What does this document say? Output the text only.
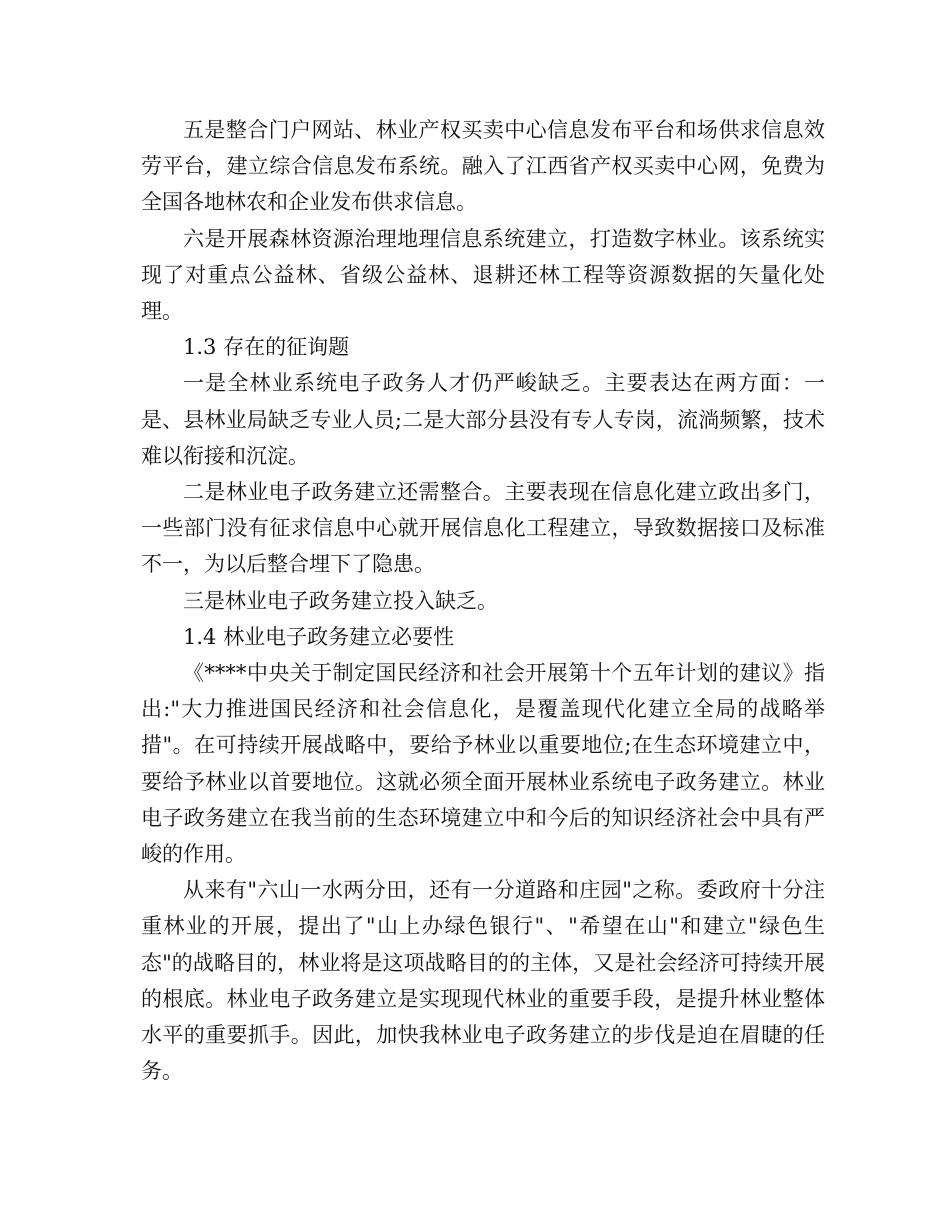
五是整合门户网站、林业产权买卖中心信息发布平台和场供求信息效劳平台，建立综合信息发布系统。融入了江西省产权买卖中心网，免费为全国各地林农和企业发布供求信息。

六是开展森林资源治理地理信息系统建立，打造数字林业。该系统实现了对重点公益林、省级公益林、退耕还林工程等资源数据的矢量化处理。

1.3 存在的征询题

一是全林业系统电子政务人才仍严峻缺乏。主要表达在两方面：一是、县林业局缺乏专业人员;二是大部分县没有专人专岗，流淌频繁，技术难以衔接和沉淀。

二是林业电子政务建立还需整合。主要表现在信息化建立政出多门，一些部门没有征求信息中心就开展信息化工程建立，导致数据接口及标准不一，为以后整合埋下了隐患。

三是林业电子政务建立投入缺乏。

1.4 林业电子政务建立必要性

《****中央关于制定国民经济和社会开展第十个五年计划的建议》指出:"大力推进国民经济和社会信息化，是覆盖现代化建立全局的战略举措"。在可持续开展战略中，要给予林业以重要地位;在生态环境建立中，要给予林业以首要地位。这就必须全面开展林业系统电子政务建立。林业电子政务建立在我当前的生态环境建立中和今后的知识经济社会中具有严峻的作用。

从来有"六山一水两分田，还有一分道路和庄园"之称。委政府十分注重林业的开展，提出了"山上办绿色银行"、"希望在山"和建立"绿色生态"的战略目的，林业将是这项战略目的的主体，又是社会经济可持续开展的根底。林业电子政务建立是实现现代林业的重要手段，是提升林业整体水平的重要抓手。因此，加快我林业电子政务建立的步伐是迫在眉睫的任务。
